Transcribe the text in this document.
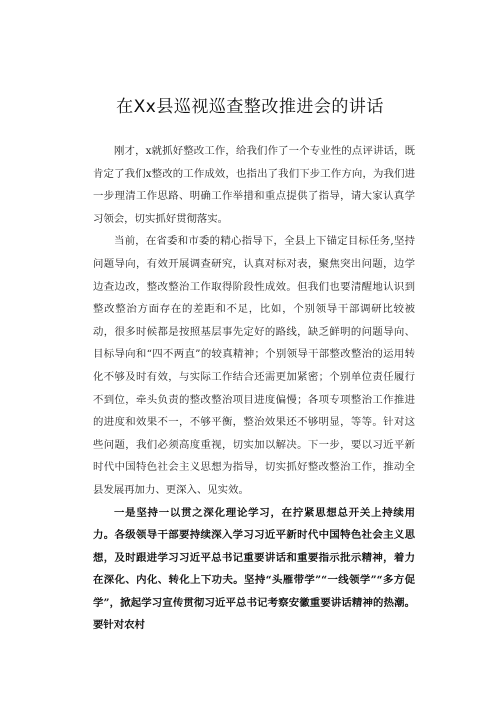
在Xx县巡视巡查整改推进会的讲话

刚才，x就抓好整改工作，给我们作了一个专业性的点评讲话，既肯定了我们x整改的工作成效，也指出了我们下步工作方向，为我们进一步理清工作思路、明确工作举措和重点提供了指导，请大家认真学习领会，切实抓好贯彻落实。

当前，在省委和市委的精心指导下，全县上下锚定目标任务,坚持问题导向，有效开展调查研究，认真对标对表，聚焦突出问题，边学边查边改，整改整治工作取得阶段性成效。但我们也要清醒地认识到整改整治方面存在的差距和不足，比如，个别领导干部调研比较被动，很多时候都是按照基层事先定好的路线，缺乏鲜明的问题导向、目标导向和“四不两直”的较真精神；个别领导干部整改整治的运用转化不够及时有效，与实际工作结合还需更加紧密；个别单位责任履行不到位，牵头负责的整改整治项目进度偏慢；各项专项整治工作推进的进度和效果不一，不够平衡，整治效果还不够明显，等等。针对这些问题，我们必须高度重视，切实加以解决。下一步，要以习近平新时代中国特色社会主义思想为指导，切实抓好整改整治工作，推动全县发展再加力、更深入、见实效。

一是坚持一以贯之深化理论学习，在拧紧思想总开关上持续用力。各级领导干部要持续深入学习习近平新时代中国特色社会主义思想，及时跟进学习习近平总书记重要讲话和重要指示批示精神，着力在深化、内化、转化上下功夫。坚持“头雁带学”“一线领学”“多方促学”，掀起学习宣传贯彻习近平总书记考察安徽重要讲话精神的热潮。要针对农村
